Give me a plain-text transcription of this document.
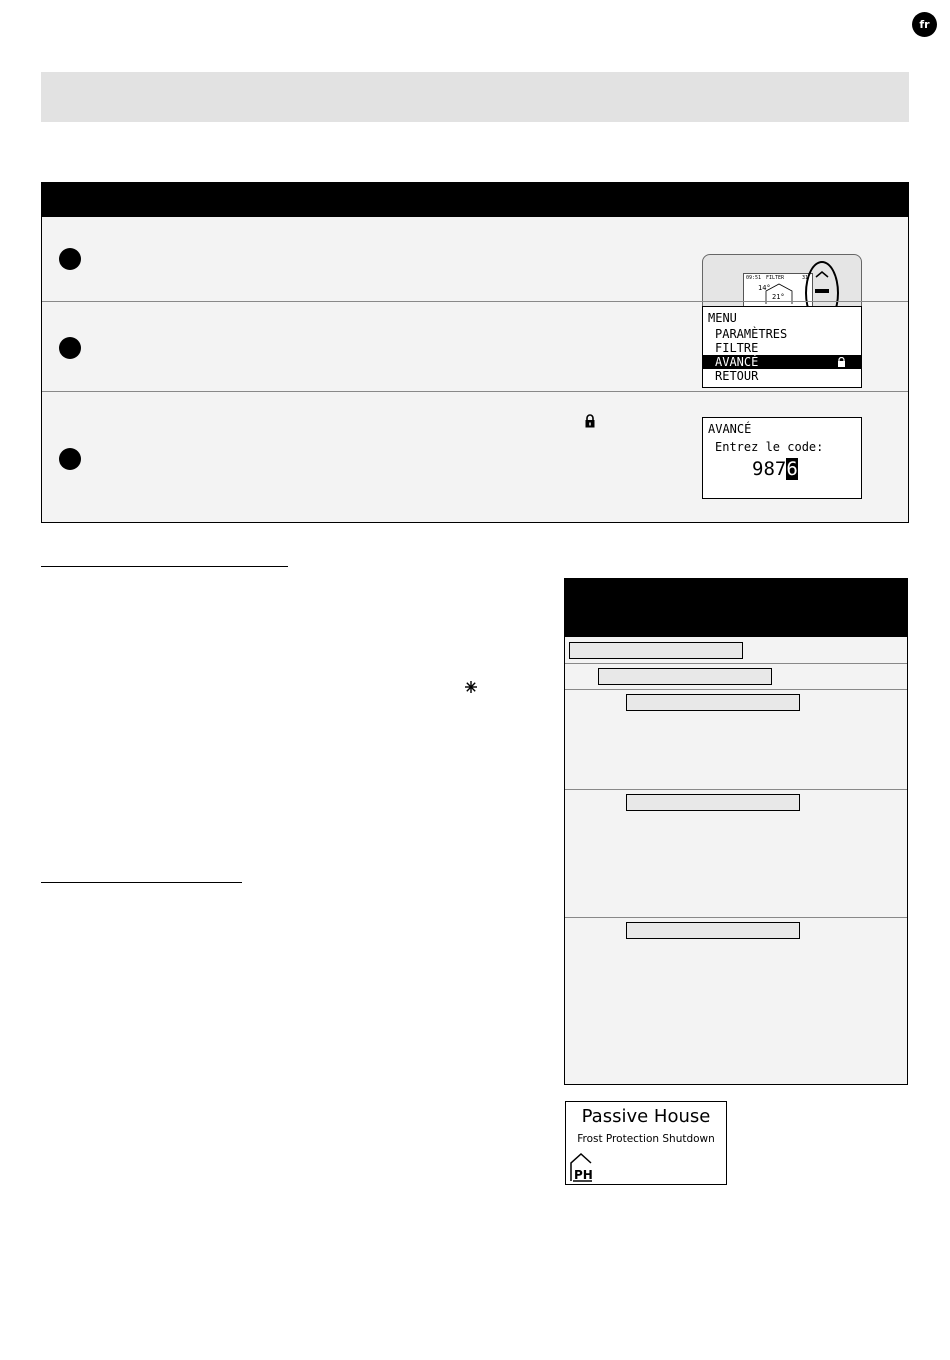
fr
09:51 FILTER	31
14°
21°
MENU
PARAMÈTRES
FILTRE
AVANCÉ
RETOUR
AVANCÉ
Entrez le code:
9876
Passive House
Frost Protection Shutdown
PH
